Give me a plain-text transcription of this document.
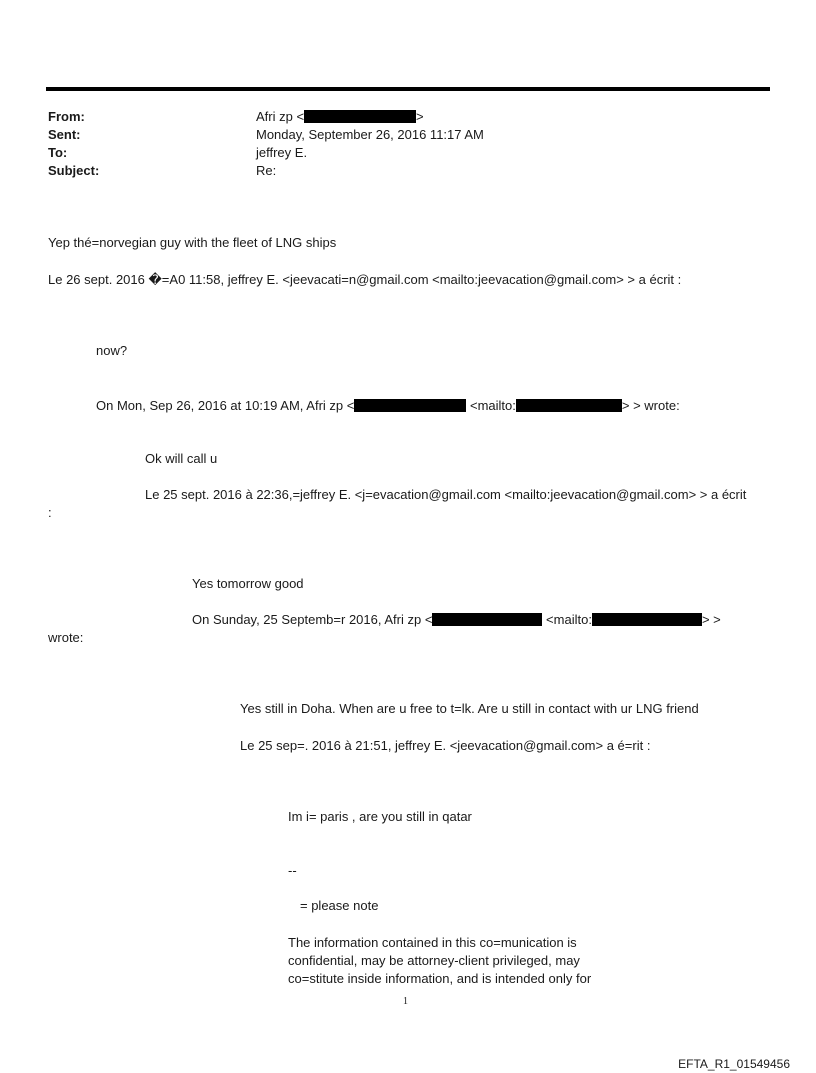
From:	Afri zp <	>
Sent:	Monday, September 26, 2016 11:17 AM
To:	jeffrey E.
Subject:	Re:
Yep thé=norvegian guy with the fleet of LNG ships
Le 26 sept. 2016 �=A0 11:58, jeffrey E. <jeevacati=n@gmail.com <mailto:jeevacation@gmail.com> > a écrit :
now?
On Mon, Sep 26, 2016 at 10:19 AM, Afri zp <	<mailto:	> > wrote:
Ok will call u
Le 25 sept. 2016 à 22:36,=jeffrey E. <j=evacation@gmail.com <mailto:jeevacation@gmail.com> > a écrit
:
Yes tomorrow good
On Sunday, 25 Septemb=r 2016, Afri zp <	<mailto:	> >
wrote:
Yes still in Doha. When are u free to t=lk. Are u still in contact with ur LNG friend
Le 25 sep=. 2016 à 21:51, jeffrey E. <jeevacation@gmail.com> a é=rit :
Im i= paris , are you still in qatar
--
= please note
The information contained in this co=munication is
confidential, may be attorney-client privileged, may
co=stitute inside information, and is intended only for
1
EFTA_R1_01549456
